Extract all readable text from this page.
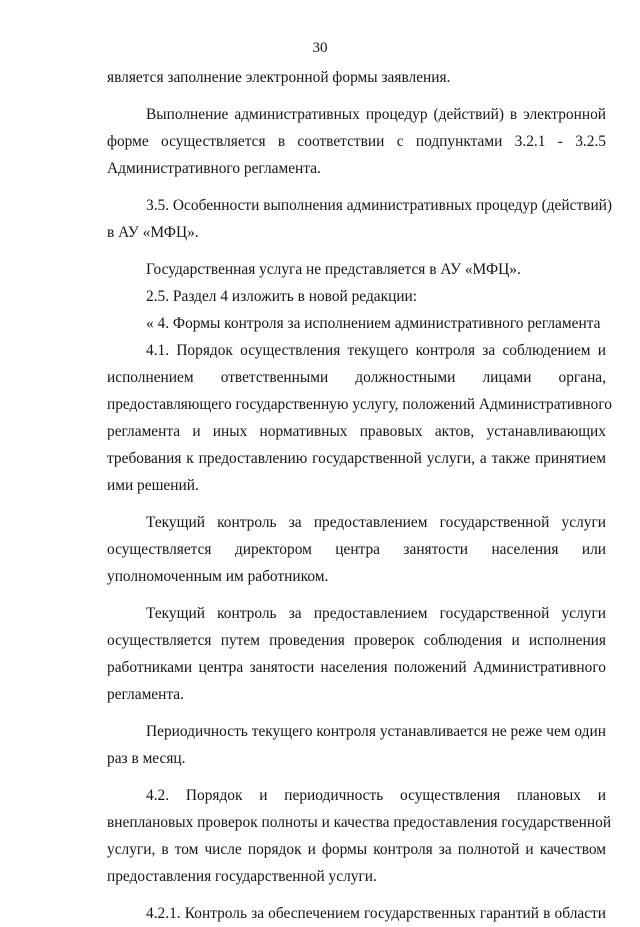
30
является заполнение электронной формы заявления.
Выполнение административных процедур (действий) в электронной
форме осуществляется в соответствии с подпунктами 3.2.1 - 3.2.5
Административного регламента.
3.5. Особенности выполнения административных процедур (действий)
в АУ «МФЦ».
Государственная услуга не представляется в АУ «МФЦ».
2.5. Раздел 4 изложить в новой редакции:
« 4. Формы контроля за исполнением административного регламента
4.1. Порядок осуществления текущего контроля за соблюдением и
исполнением ответственными должностными лицами органа,
предоставляющего государственную услугу, положений Административного
регламента и иных нормативных правовых актов, устанавливающих
требования к предоставлению государственной услуги, а также принятием
ими решений.
Текущий контроль за предоставлением государственной услуги
осуществляется директором центра занятости населения или
уполномоченным им работником.
Текущий контроль за предоставлением государственной услуги
осуществляется путем проведения проверок соблюдения и исполнения
работниками центра занятости населения положений Административного
регламента.
Периодичность текущего контроля устанавливается не реже чем один
раз в месяц.
4.2. Порядок и периодичность осуществления плановых и
внеплановых проверок полноты и качества предоставления государственной
услуги, в том числе порядок и формы контроля за полнотой и качеством
предоставления государственной услуги.
4.2.1. Контроль за обеспечением государственных гарантий в области
